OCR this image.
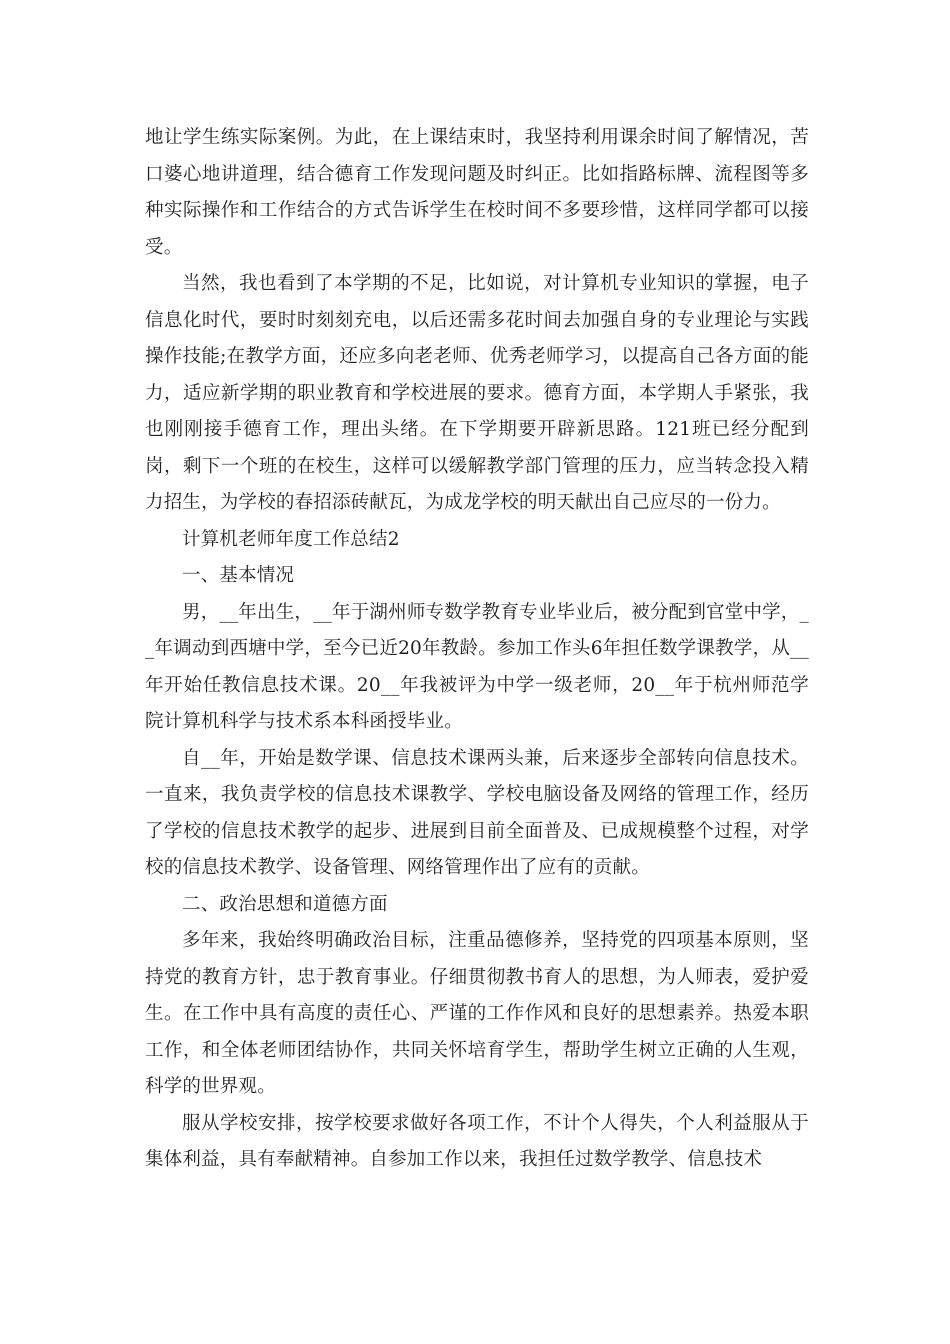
地让学生练实际案例。为此，在上课结束时，我坚持利用课余时间了解情况，苦口婆心地讲道理，结合德育工作发现问题及时纠正。比如指路标牌、流程图等多种实际操作和工作结合的方式告诉学生在校时间不多要珍惜，这样同学都可以接受。

当然，我也看到了本学期的不足，比如说，对计算机专业知识的掌握，电子信息化时代，要时时刻刻充电，以后还需多花时间去加强自身的专业理论与实践操作技能;在教学方面，还应多向老老师、优秀老师学习，以提高自己各方面的能力，适应新学期的职业教育和学校进展的要求。德育方面，本学期人手紧张，我也刚刚接手德育工作，理出头绪。在下学期要开辟新思路。121班已经分配到岗，剩下一个班的在校生，这样可以缓解教学部门管理的压力，应当转念投入精力招生，为学校的春招添砖献瓦，为成龙学校的明天献出自己应尽的一份力。

计算机老师年度工作总结2

一、基本情况

男，__年出生，__年于湖州师专数学教育专业毕业后，被分配到官堂中学，__年调动到西塘中学，至今已近20年教龄。参加工作头6年担任数学课教学，从__年开始任教信息技术课。20__年我被评为中学一级老师，20__年于杭州师范学院计算机科学与技术系本科函授毕业。

自__年，开始是数学课、信息技术课两头兼，后来逐步全部转向信息技术。一直来，我负责学校的信息技术课教学、学校电脑设备及网络的管理工作，经历了学校的信息技术教学的起步、进展到目前全面普及、已成规模整个过程，对学校的信息技术教学、设备管理、网络管理作出了应有的贡献。

二、政治思想和道德方面

多年来，我始终明确政治目标，注重品德修养，坚持党的四项基本原则，坚持党的教育方针，忠于教育事业。仔细贯彻教书育人的思想，为人师表，爱护爱生。在工作中具有高度的责任心、严谨的工作作风和良好的思想素养。热爱本职工作，和全体老师团结协作，共同关怀培育学生，帮助学生树立正确的人生观，科学的世界观。

服从学校安排，按学校要求做好各项工作，不计个人得失，个人利益服从于集体利益，具有奉献精神。自参加工作以来，我担任过数学教学、信息技术
